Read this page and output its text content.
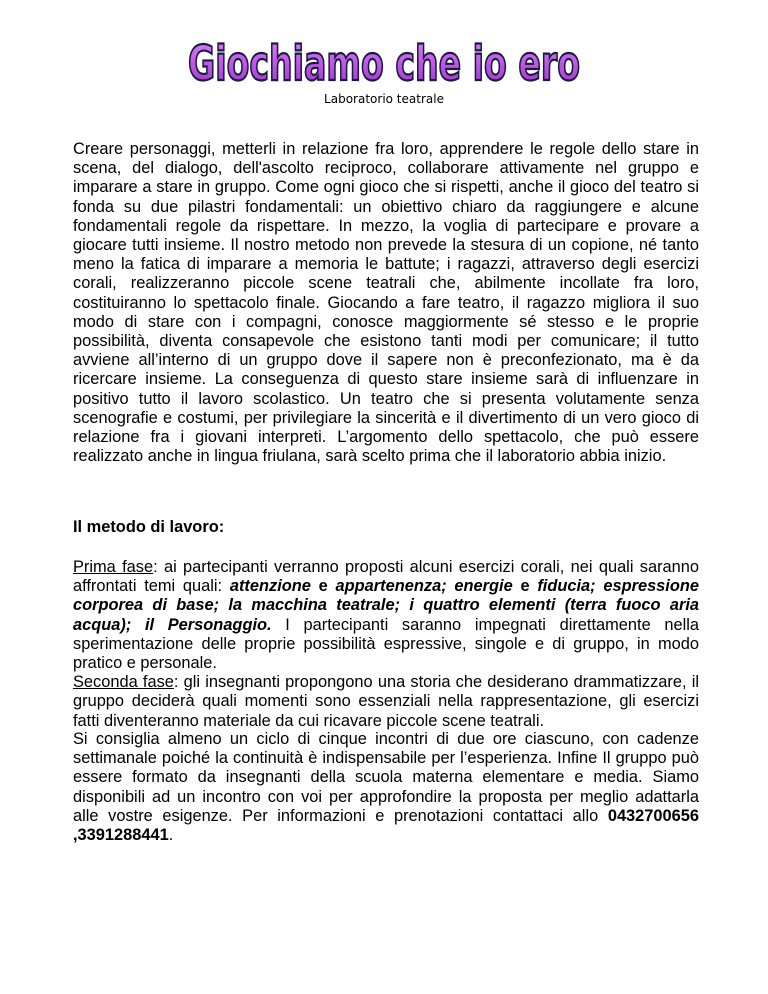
Giochiamo che io ero
Laboratorio teatrale

Creare personaggi, metterli in relazione fra loro, apprendere le regole dello stare in scena, del dialogo, dell'ascolto reciproco, collaborare attivamente nel gruppo e imparare a stare in gruppo. Come ogni gioco che si rispetti, anche il gioco del teatro si fonda su due pilastri fondamentali: un obiettivo chiaro da raggiungere e alcune fondamentali regole da rispettare. In mezzo, la voglia di partecipare e provare a giocare tutti insieme. Il nostro metodo non prevede la stesura di un copione, né tanto meno la fatica di imparare a memoria le battute; i ragazzi, attraverso degli esercizi corali, realizzeranno piccole scene teatrali che, abilmente incollate fra loro, costituiranno lo spettacolo finale. Giocando a fare teatro, il ragazzo migliora il suo modo di stare con i compagni, conosce maggiormente sé stesso e le proprie possibilità, diventa consapevole che esistono tanti modi per comunicare; il tutto avviene all’interno di un gruppo dove il sapere non è preconfezionato, ma è da ricercare insieme. La conseguenza di questo stare insieme sarà di influenzare in positivo tutto il lavoro scolastico. Un teatro che si presenta volutamente senza scenografie e costumi, per privilegiare la sincerità e il divertimento di un vero gioco di relazione fra i giovani interpreti. L’argomento dello spettacolo, che può essere realizzato anche in lingua friulana, sarà scelto prima che il laboratorio abbia inizio.

Il metodo di lavoro:

Prima fase: ai partecipanti verranno proposti alcuni esercizi corali, nei quali saranno affrontati temi quali: attenzione e appartenenza; energie e fiducia; espressione corporea di base; la macchina teatrale; i quattro elementi (terra fuoco aria acqua); il Personaggio. I partecipanti saranno impegnati direttamente nella sperimentazione delle proprie possibilità espressive, singole e di gruppo, in modo pratico e personale.
Seconda fase: gli insegnanti propongono una storia che desiderano drammatizzare, il gruppo deciderà quali momenti sono essenziali nella rappresentazione, gli esercizi fatti diventeranno materiale da cui ricavare piccole scene teatrali.

Si consiglia almeno un ciclo di cinque incontri di due ore ciascuno, con cadenze settimanale poiché la continuità è indispensabile per l’esperienza. Infine Il gruppo può essere formato da insegnanti della scuola materna elementare e media. Siamo disponibili ad un incontro con voi per approfondire la proposta per meglio adattarla alle vostre esigenze. Per informazioni e prenotazioni contattaci allo 0432700656 ,3391288441.
